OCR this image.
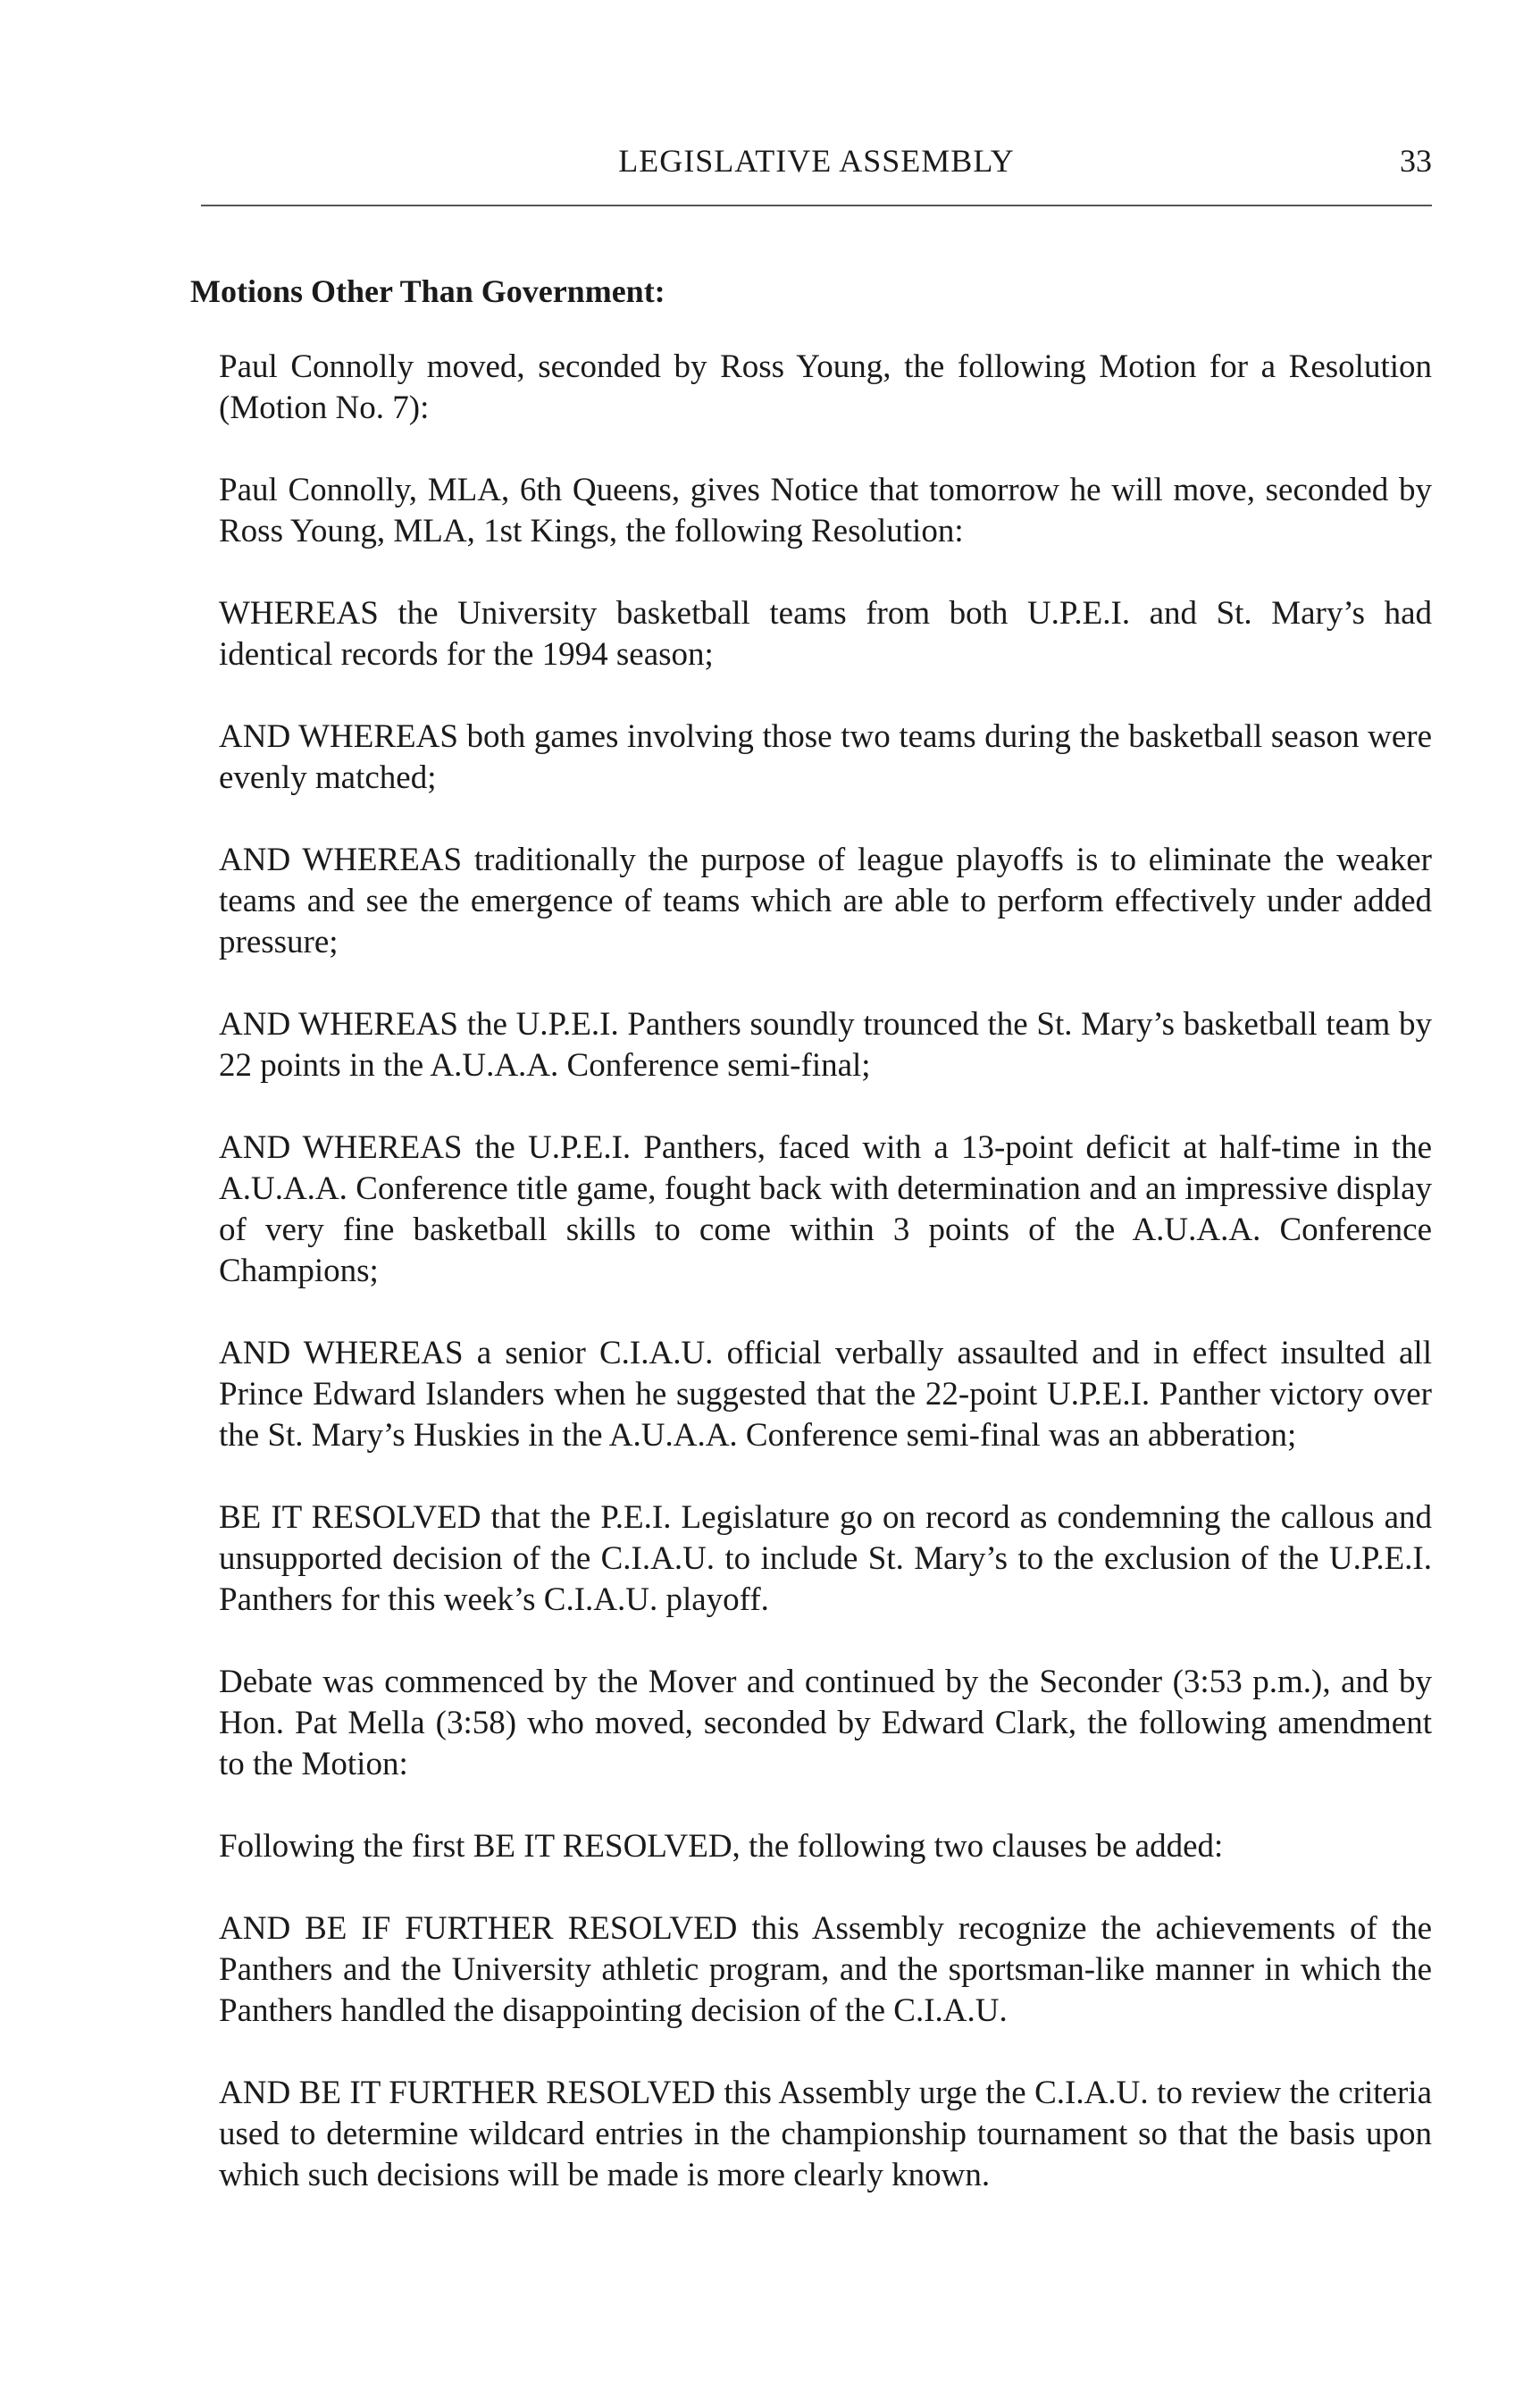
LEGISLATIVE ASSEMBLY	33
Motions Other Than Government:

Paul Connolly moved, seconded by Ross Young, the following Motion for a Resolution (Motion No. 7):

Paul Connolly, MLA, 6th Queens, gives Notice that tomorrow he will move, seconded by Ross Young, MLA, 1st Kings, the following Resolution:

WHEREAS the University basketball teams from both U.P.E.I. and St. Mary’s had identical records for the 1994 season;

AND WHEREAS both games involving those two teams during the basketball season were evenly matched;

AND WHEREAS traditionally the purpose of league playoffs is to eliminate the weaker teams and see the emergence of teams which are able to perform effectively under added pressure;

AND WHEREAS the U.P.E.I. Panthers soundly trounced the St. Mary’s basketball team by 22 points in the A.U.A.A. Conference semi-final;

AND WHEREAS the U.P.E.I. Panthers, faced with a 13-point deficit at half-time in the A.U.A.A. Conference title game, fought back with determination and an impressive display of very fine basketball skills to come within 3 points of the A.U.A.A. Conference Champions;

AND WHEREAS a senior C.I.A.U. official verbally assaulted and in effect insulted all Prince Edward Islanders when he suggested that the 22-point U.P.E.I. Panther victory over the St. Mary’s Huskies in the A.U.A.A. Conference semi-final was an abberation;

BE IT RESOLVED that the P.E.I. Legislature go on record as condemning the callous and unsupported decision of the C.I.A.U. to include St. Mary’s to the exclusion of the U.P.E.I. Panthers for this week’s C.I.A.U. playoff.

Debate was commenced by the Mover and continued by the Seconder (3:53 p.m.), and by Hon. Pat Mella (3:58) who moved, seconded by Edward Clark, the following amendment to the Motion:

Following the first BE IT RESOLVED, the following two clauses be added:

AND BE IF FURTHER RESOLVED this Assembly recognize the achievements of the Panthers and the University athletic program, and the sportsman-like manner in which the Panthers handled the disappointing decision of the C.I.A.U.

AND BE IT FURTHER RESOLVED this Assembly urge the C.I.A.U. to review the criteria used to determine wildcard entries in the championship tournament so that the basis upon which such decisions will be made is more clearly known.
